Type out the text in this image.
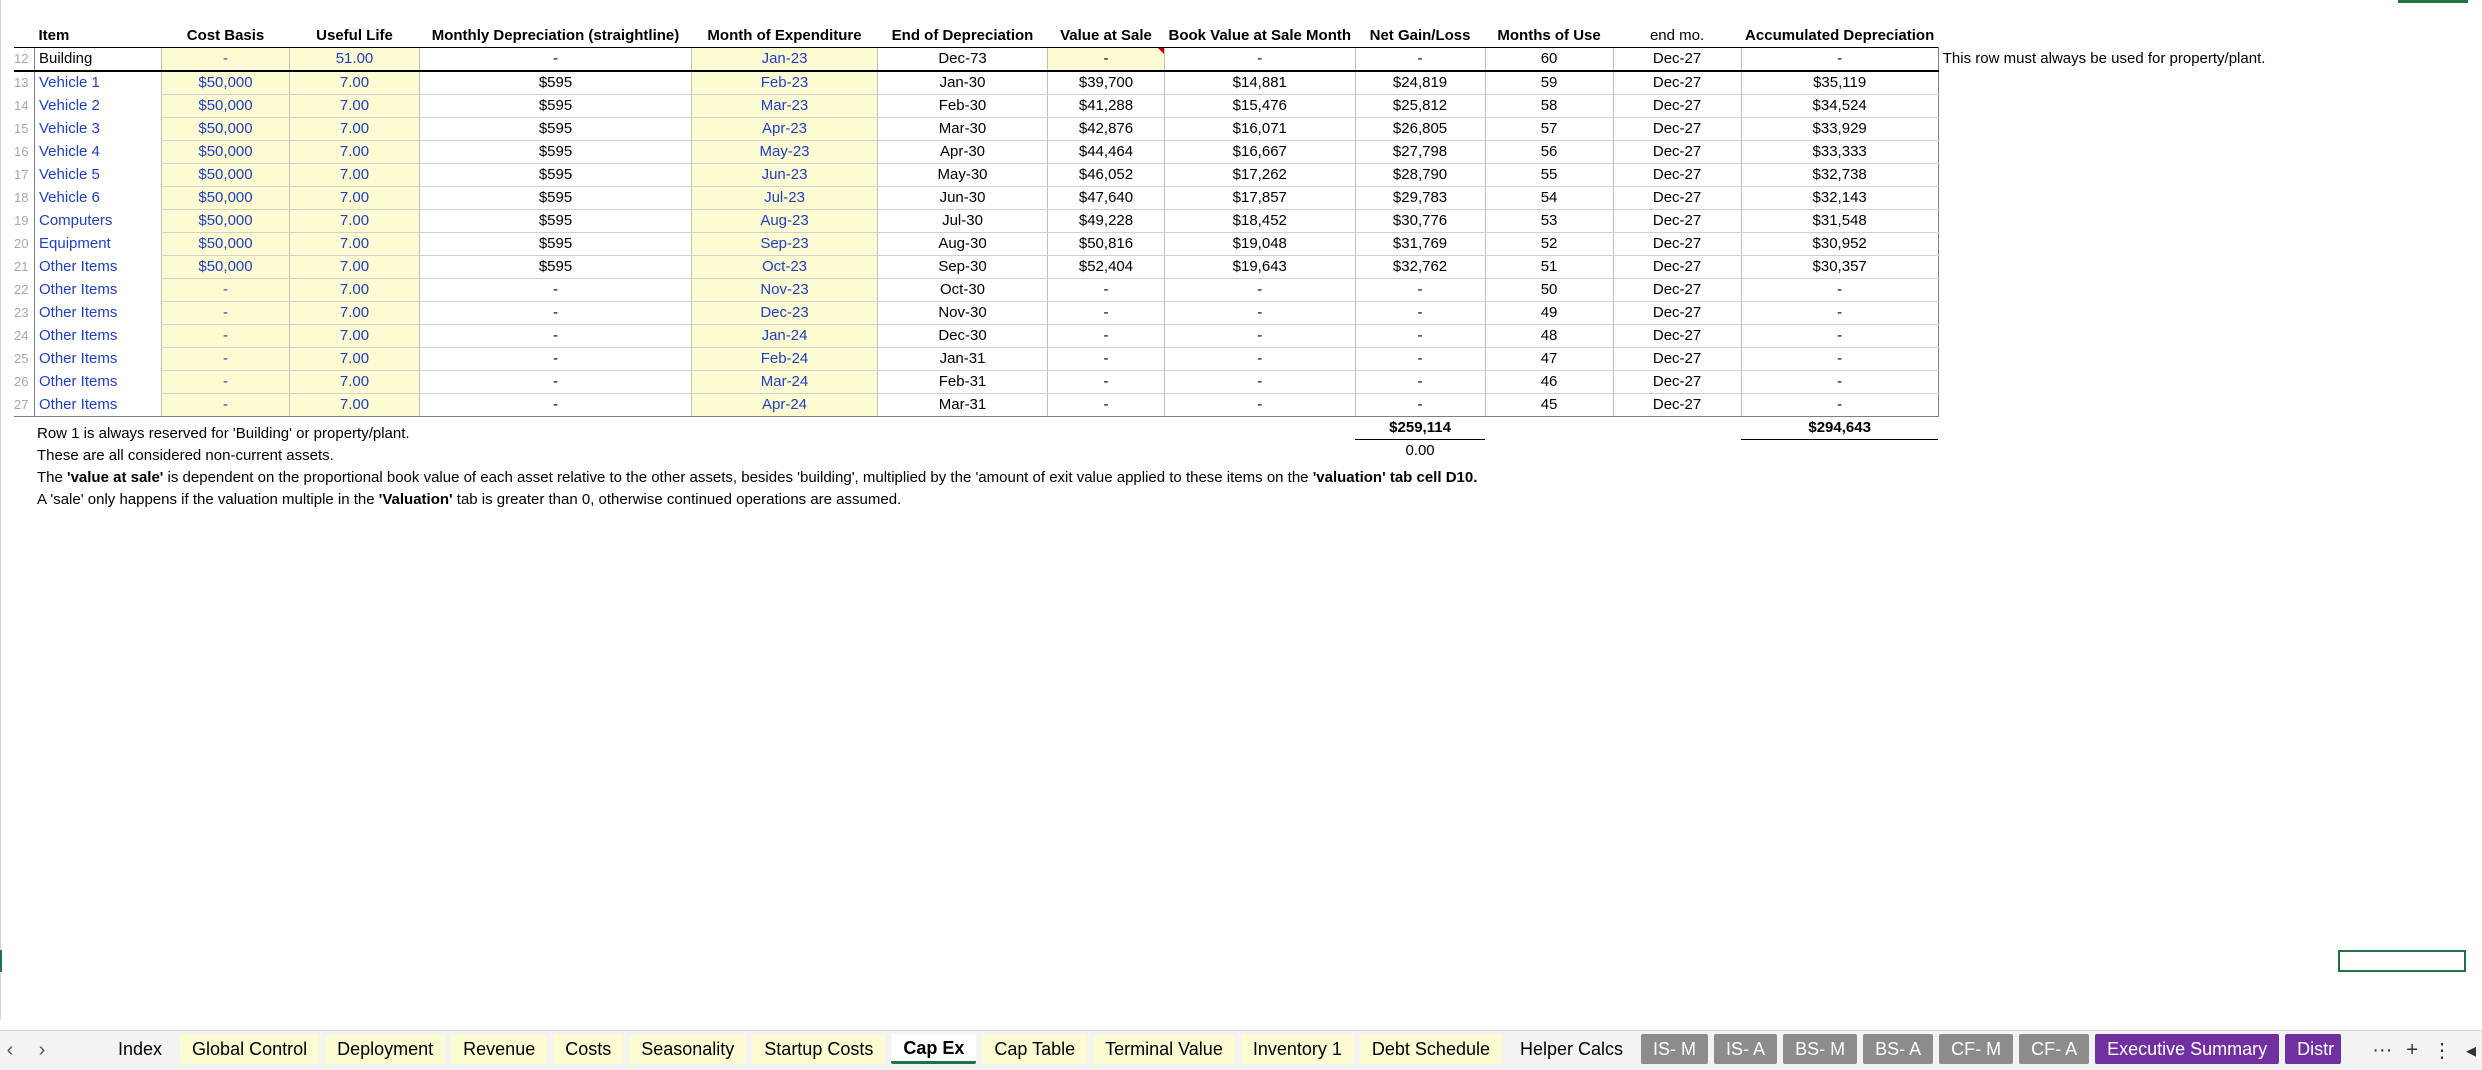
	Item	Cost Basis	Useful Life	Monthly Depreciation (straightline)	Month of Expenditure	End of Depreciation	Value at Sale	Book Value at Sale Month	Net Gain/Loss	Months of Use	end mo.	Accumulated Depreciation	
12	Building	-	51.00	-	Jan-23	Dec-73	-	-	-	60	Dec-27	-	This row must always be used for property/plant.
13	Vehicle 1	$50,000	7.00	$595	Feb-23	Jan-30	$39,700	$14,881	$24,819	59	Dec-27	$35,119	
14	Vehicle 2	$50,000	7.00	$595	Mar-23	Feb-30	$41,288	$15,476	$25,812	58	Dec-27	$34,524	
15	Vehicle 3	$50,000	7.00	$595	Apr-23	Mar-30	$42,876	$16,071	$26,805	57	Dec-27	$33,929	
16	Vehicle 4	$50,000	7.00	$595	May-23	Apr-30	$44,464	$16,667	$27,798	56	Dec-27	$33,333	
17	Vehicle 5	$50,000	7.00	$595	Jun-23	May-30	$46,052	$17,262	$28,790	55	Dec-27	$32,738	
18	Vehicle 6	$50,000	7.00	$595	Jul-23	Jun-30	$47,640	$17,857	$29,783	54	Dec-27	$32,143	
19	Computers	$50,000	7.00	$595	Aug-23	Jul-30	$49,228	$18,452	$30,776	53	Dec-27	$31,548	
20	Equipment	$50,000	7.00	$595	Sep-23	Aug-30	$50,816	$19,048	$31,769	52	Dec-27	$30,952	
21	Other Items	$50,000	7.00	$595	Oct-23	Sep-30	$52,404	$19,643	$32,762	51	Dec-27	$30,357	
22	Other Items	-	7.00	-	Nov-23	Oct-30	-	-	-	50	Dec-27	-	
23	Other Items	-	7.00	-	Dec-23	Nov-30	-	-	-	49	Dec-27	-	
24	Other Items	-	7.00	-	Jan-24	Dec-30	-	-	-	48	Dec-27	-	
25	Other Items	-	7.00	-	Feb-24	Jan-31	-	-	-	47	Dec-27	-	
26	Other Items	-	7.00	-	Mar-24	Feb-31	-	-	-	46	Dec-27	-	
27	Other Items	-	7.00	-	Apr-24	Mar-31	-	-	-	45	Dec-27	-	
									$259,114			$294,643	
									0.00				
Row 1 is always reserved for 'Building' or property/plant.
These are all considered non-current assets.
The 'value at sale' is dependent on the proportional book value of each asset relative to the other assets, besides 'building', multiplied by the 'amount of exit value applied to these items on the 'valuation' tab cell D10.
A 'sale' only happens if the valuation multiple in the 'Valuation' tab is greater than 0, otherwise continued operations are assumed.
‹	›	Index	Global Control	Deployment	Revenue	Costs	Seasonality	Startup Costs	Cap Ex	Cap Table	Terminal Value	Inventory 1	Debt Schedule	Helper Calcs	IS- M	IS- A	BS- M	BS- A	CF- M	CF- A	Executive Summary	Distr	··· + ⋮ ◂
